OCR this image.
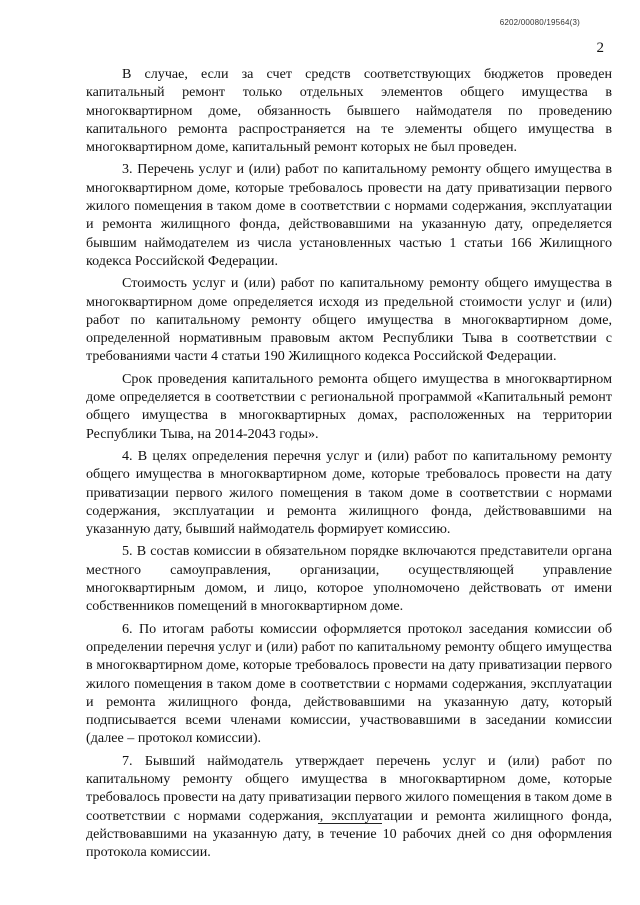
6202/00080/19564(3)
2

В случае, если за счет средств соответствующих бюджетов проведен капитальный ремонт только отдельных элементов общего имущества в многоквартирном доме, обязанность бывшего наймодателя по проведению капитального ремонта распространяется на те элементы общего имущества в многоквартирном доме, капитальный ремонт которых не был проведен.

3. Перечень услуг и (или) работ по капитальному ремонту общего имущества в многоквартирном доме, которые требовалось провести на дату приватизации первого жилого помещения в таком доме в соответствии с нормами содержания, эксплуатации и ремонта жилищного фонда, действовавшими на указанную дату, определяется бывшим наймодателем из числа установленных частью 1 статьи 166 Жилищного кодекса Российской Федерации.

Стоимость услуг и (или) работ по капитальному ремонту общего имущества в многоквартирном доме определяется исходя из предельной стоимости услуг и (или) работ по капитальному ремонту общего имущества в многоквартирном доме, определенной нормативным правовым актом Республики Тыва в соответствии с требованиями части 4 статьи 190 Жилищного кодекса Российской Федерации.

Срок проведения капитального ремонта общего имущества в многоквартирном доме определяется в соответствии с региональной программой «Капитальный ремонт общего имущества в многоквартирных домах, расположенных на территории Республики Тыва, на 2014-2043 годы».

4. В целях определения перечня услуг и (или) работ по капитальному ремонту общего имущества в многоквартирном доме, которые требовалось провести на дату приватизации первого жилого помещения в таком доме в соответствии с нормами содержания, эксплуатации и ремонта жилищного фонда, действовавшими на указанную дату, бывший наймодатель формирует комиссию.

5. В состав комиссии в обязательном порядке включаются представители органа местного самоуправления, организации, осуществляющей управление многоквартирным домом, и лицо, которое уполномочено действовать от имени собственников помещений в многоквартирном доме.

6. По итогам работы комиссии оформляется протокол заседания комиссии об определении перечня услуг и (или) работ по капитальному ремонту общего имущества в многоквартирном доме, которые требовалось провести на дату приватизации первого жилого помещения в таком доме в соответствии с нормами содержания, эксплуатации и ремонта жилищного фонда, действовавшими на указанную дату, который подписывается всеми членами комиссии, участвовавшими в заседании комиссии (далее – протокол комиссии).

7. Бывший наймодатель утверждает перечень услуг и (или) работ по капитальному ремонту общего имущества в многоквартирном доме, которые требовалось провести на дату приватизации первого жилого помещения в таком доме в соответствии с нормами содержания, эксплуатации и ремонта жилищного фонда, действовавшими на указанную дату, в течение 10 рабочих дней со дня оформления протокола комиссии.
